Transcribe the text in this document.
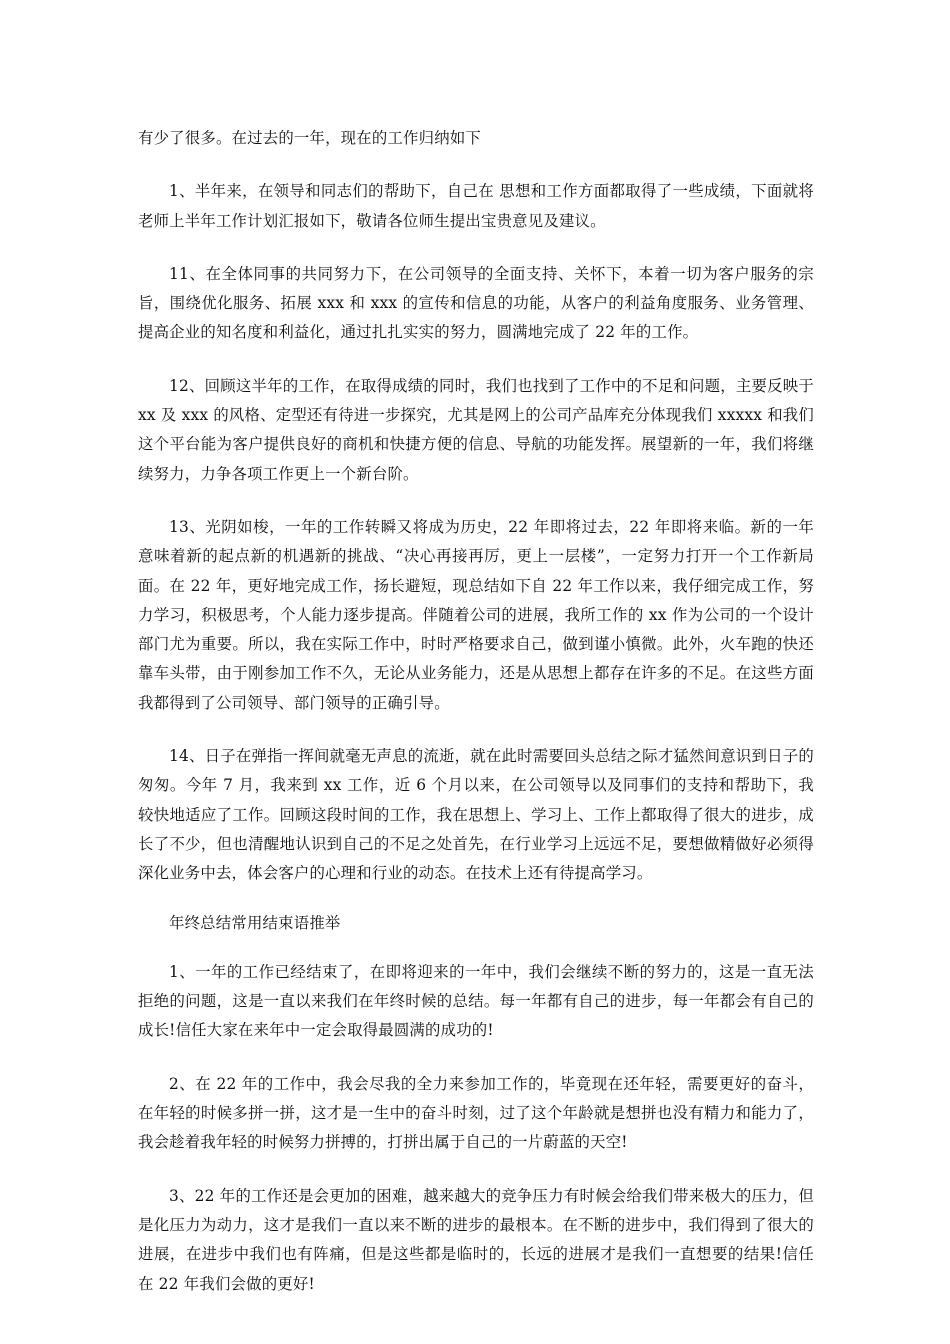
有少了很多。在过去的一年，现在的工作归纳如下

1、半年来，在领导和同志们的帮助下，自己在 思想和工作方面都取得了一些成绩，下面就将老师上半年工作计划汇报如下，敬请各位师生提出宝贵意见及建议。

11、在全体同事的共同努力下，在公司领导的全面支持、关怀下，本着一切为客户服务的宗旨，围绕优化服务、拓展 xxx 和 xxx 的宣传和信息的功能，从客户的利益角度服务、业务管理、提高企业的知名度和利益化，通过扎扎实实的努力，圆满地完成了 22 年的工作。

12、回顾这半年的工作，在取得成绩的同时，我们也找到了工作中的不足和问题，主要反映于 xx 及 xxx 的风格、定型还有待进一步探究，尤其是网上的公司产品库充分体现我们 xxxxx 和我们这个平台能为客户提供良好的商机和快捷方便的信息、导航的功能发挥。展望新的一年，我们将继续努力，力争各项工作更上一个新台阶。

13、光阴如梭，一年的工作转瞬又将成为历史，22 年即将过去，22 年即将来临。新的一年意味着新的起点新的机遇新的挑战、“决心再接再厉，更上一层楼”，一定努力打开一个工作新局面。在 22 年，更好地完成工作，扬长避短，现总结如下自 22 年工作以来，我仔细完成工作，努力学习，积极思考，个人能力逐步提高。伴随着公司的进展，我所工作的 xx 作为公司的一个设计部门尤为重要。所以，我在实际工作中，时时严格要求自己，做到谨小慎微。此外，火车跑的快还靠车头带，由于刚参加工作不久，无论从业务能力，还是从思想上都存在许多的不足。在这些方面我都得到了公司领导、部门领导的正确引导。

14、日子在弹指一挥间就毫无声息的流逝，就在此时需要回头总结之际才猛然间意识到日子的匆匆。今年 7 月，我来到 xx 工作，近 6 个月以来，在公司领导以及同事们的支持和帮助下，我较快地适应了工作。回顾这段时间的工作，我在思想上、学习上、工作上都取得了很大的进步，成长了不少，但也清醒地认识到自己的不足之处首先，在行业学习上远远不足，要想做精做好必须得深化业务中去，体会客户的心理和行业的动态。在技术上还有待提高学习。

年终总结常用结束语推举

1、一年的工作已经结束了，在即将迎来的一年中，我们会继续不断的努力的，这是一直无法拒绝的问题，这是一直以来我们在年终时候的总结。每一年都有自己的进步，每一年都会有自己的成长!信任大家在来年中一定会取得最圆满的成功的!

2、在 22 年的工作中，我会尽我的全力来参加工作的，毕竟现在还年轻，需要更好的奋斗，在年轻的时候多拼一拼，这才是一生中的奋斗时刻，过了这个年龄就是想拼也没有精力和能力了，我会趁着我年轻的时候努力拼搏的，打拼出属于自己的一片蔚蓝的天空!

3、22 年的工作还是会更加的困难，越来越大的竞争压力有时候会给我们带来极大的压力，但是化压力为动力，这才是我们一直以来不断的进步的最根本。在不断的进步中，我们得到了很大的进展，在进步中我们也有阵痛，但是这些都是临时的，长远的进展才是我们一直想要的结果!信任在 22 年我们会做的更好!
